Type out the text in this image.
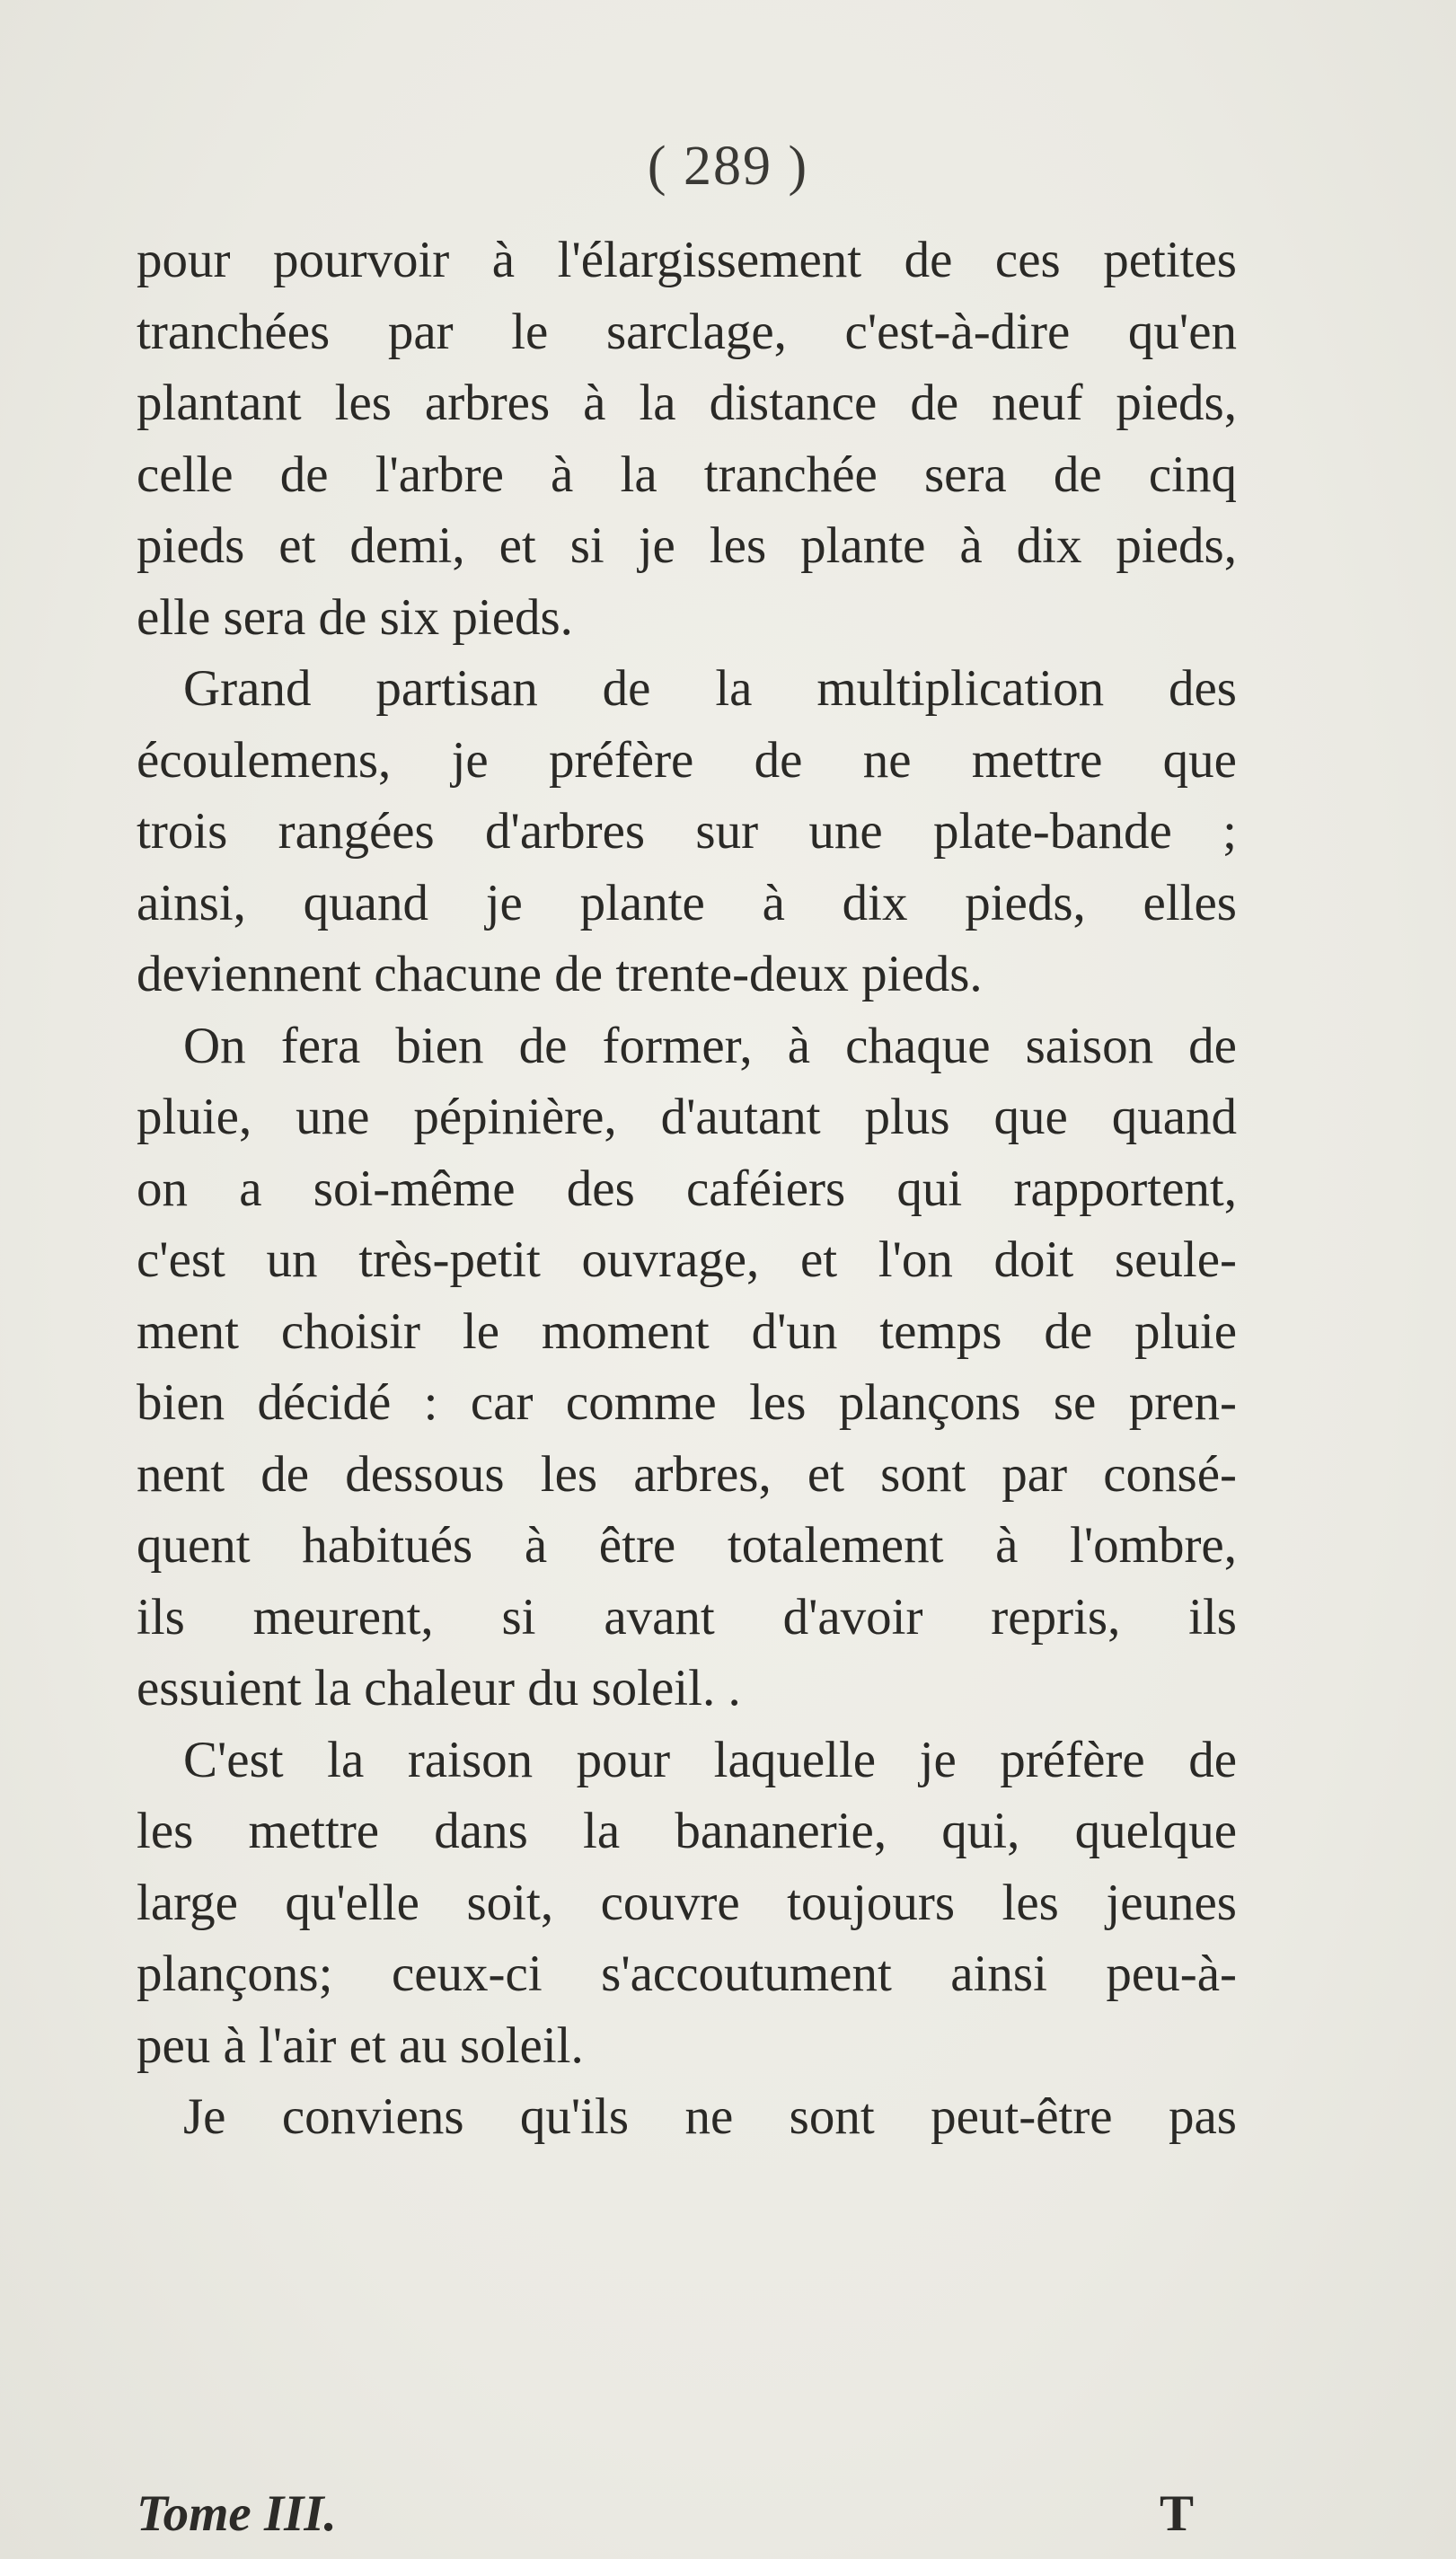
( 289 )
pour pourvoir à l'élargissement de ces petites
tranchées par le sarclage, c'est-à-dire qu'en
plantant les arbres à la distance de neuf pieds,
celle de l'arbre à la tranchée sera de cinq
pieds et demi, et si je les plante à dix pieds,
elle sera de six pieds.
Grand partisan de la multiplication des
écoulemens, je préfère de ne mettre que
trois rangées d'arbres sur une plate-bande ;
ainsi, quand je plante à dix pieds, elles
deviennent chacune de trente-deux pieds.
On fera bien de former, à chaque saison de
pluie, une pépinière, d'autant plus que quand
on a soi-même des caféiers qui rapportent,
c'est un très-petit ouvrage, et l'on doit seule-
ment choisir le moment d'un temps de pluie
bien décidé : car comme les plançons se pren-
nent de dessous les arbres, et sont par consé-
quent habitués à être totalement à l'ombre,
ils meurent, si avant d'avoir repris, ils
essuient la chaleur du soleil. .
C'est la raison pour laquelle je préfère de
les mettre dans la bananerie, qui, quelque
large qu'elle soit, couvre toujours les jeunes
plançons; ceux-ci s'accoutument ainsi peu-à-
peu à l'air et au soleil.
Je conviens qu'ils ne sont peut-être pas
Tome III.	T
